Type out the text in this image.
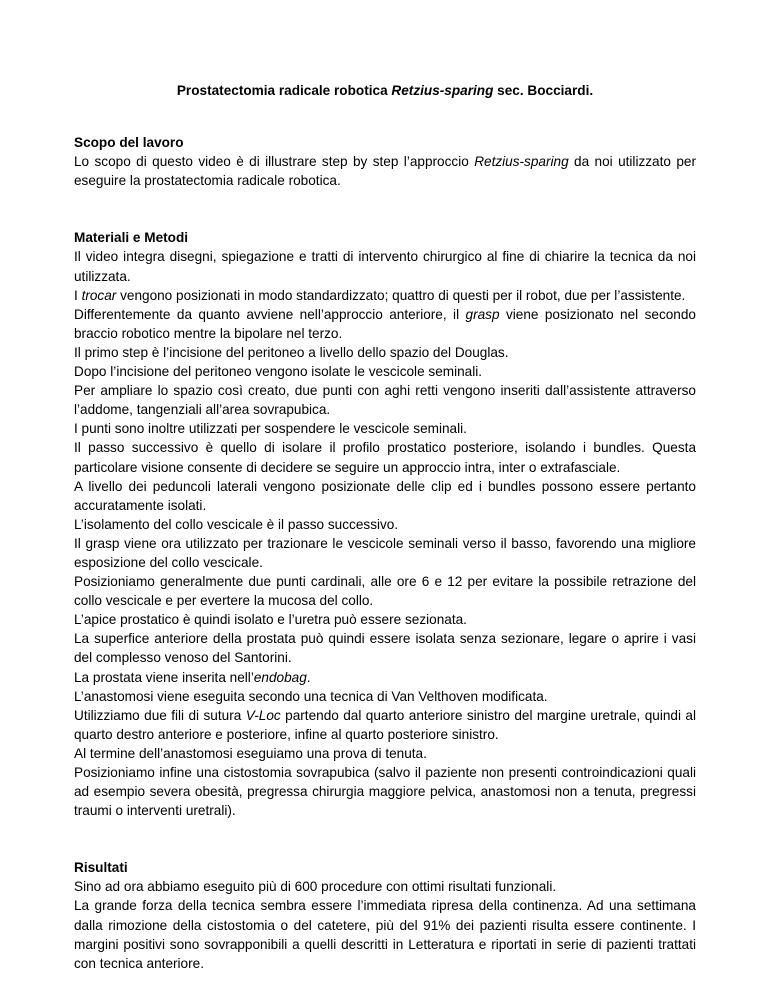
Prostatectomia radicale robotica Retzius-sparing sec. Bocciardi.

Scopo del lavoro

Lo scopo di questo video è di illustrare step by step l’approccio Retzius-sparing da noi utilizzato per eseguire la prostatectomia radicale robotica.

Materiali e Metodi

Il video integra disegni, spiegazione e tratti di intervento chirurgico al fine di chiarire la tecnica da noi utilizzata.

I trocar vengono posizionati in modo standardizzato; quattro di questi per il robot, due per l’assistente.

Differentemente da quanto avviene nell’approccio anteriore, il grasp viene posizionato nel secondo braccio robotico mentre la bipolare nel terzo.

Il primo step è l’incisione del peritoneo a livello dello spazio del Douglas.

Dopo l’incisione del peritoneo vengono isolate le vescicole seminali.

Per ampliare lo spazio così creato, due punti con aghi retti vengono inseriti dall’assistente attraverso l’addome, tangenziali all’area sovrapubica.

I punti sono inoltre utilizzati per sospendere le vescicole seminali.

Il passo successivo è quello di isolare il profilo prostatico posteriore, isolando i bundles. Questa particolare visione consente di decidere se seguire un approccio intra, inter o extrafasciale.

A livello dei peduncoli laterali vengono posizionate delle clip ed i bundles possono essere pertanto accuratamente isolati.

L’isolamento del collo vescicale è il passo successivo.

Il grasp viene ora utilizzato per trazionare le vescicole seminali verso il basso, favorendo una migliore esposizione del collo vescicale.

Posizioniamo generalmente due punti cardinali, alle ore 6 e 12 per evitare la possibile retrazione del collo vescicale e per evertere la mucosa del collo.

L’apice prostatico è quindi isolato e l’uretra può essere sezionata.

La superfice anteriore della prostata può quindi essere isolata senza sezionare, legare o aprire i vasi del complesso venoso del Santorini.

La prostata viene inserita nell’endobag.

L’anastomosi viene eseguita secondo una tecnica di Van Velthoven modificata.

Utilizziamo due fili di sutura V-Loc partendo dal quarto anteriore sinistro del margine uretrale, quindi al quarto destro anteriore e posteriore, infine al quarto posteriore sinistro.

Al termine dell’anastomosi eseguiamo una prova di tenuta.

Posizioniamo infine una cistostomia sovrapubica (salvo il paziente non presenti controindicazioni quali ad esempio severa obesità, pregressa chirurgia maggiore pelvica, anastomosi non a tenuta, pregressi traumi o interventi uretrali).

Risultati

Sino ad ora abbiamo eseguito più di 600 procedure con ottimi risultati funzionali.

La grande forza della tecnica sembra essere l’immediata ripresa della continenza. Ad una settimana dalla rimozione della cistostomia o del catetere, più del 91% dei pazienti risulta essere continente. I margini positivi sono sovrapponibili a quelli descritti in Letteratura e riportati in serie di pazienti trattati con tecnica anteriore.
